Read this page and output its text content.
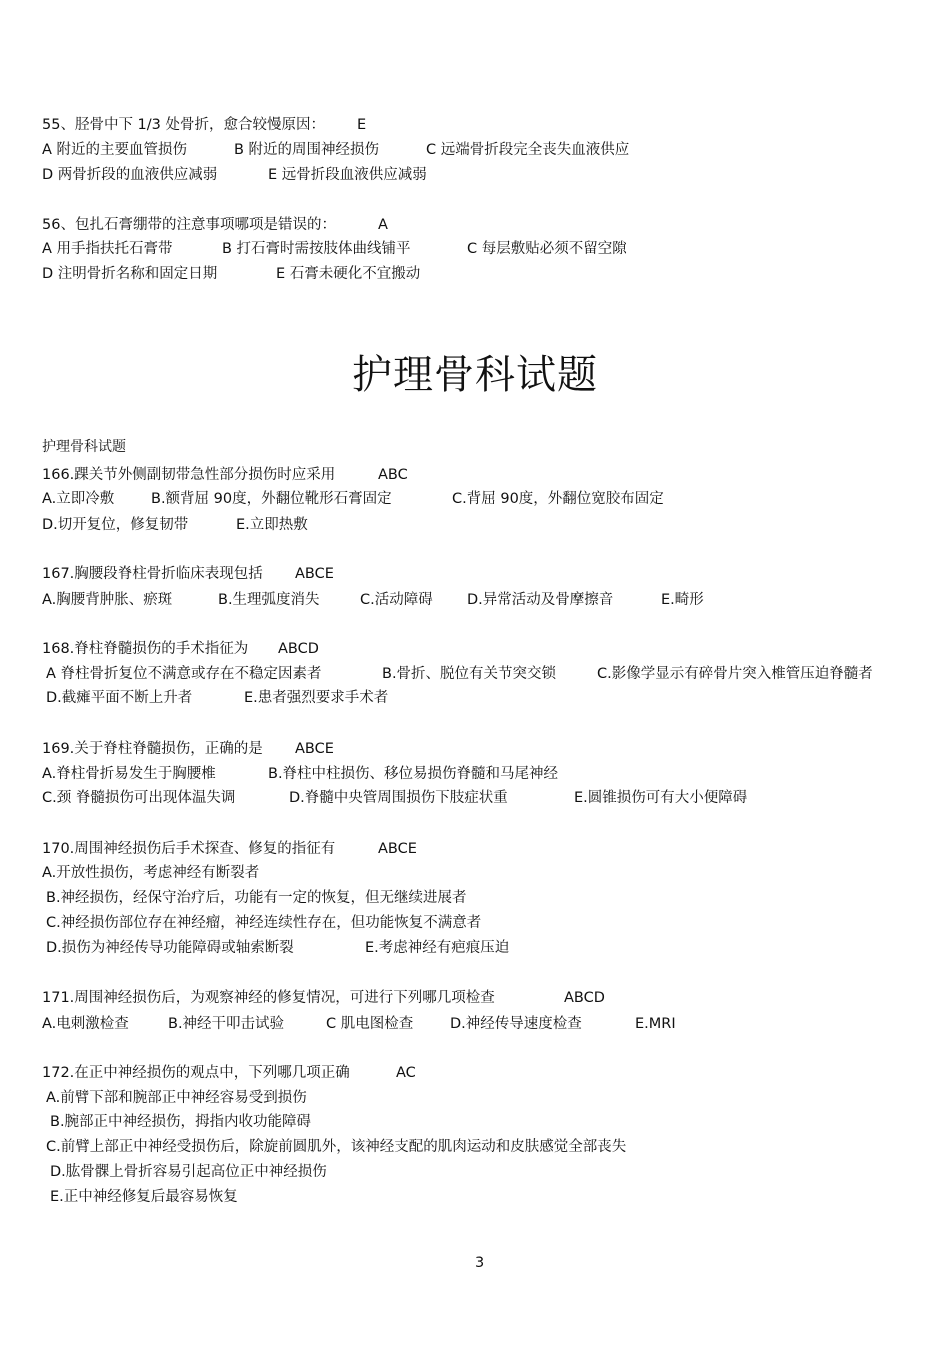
55、胫骨中下 1/3 处骨折，愈合较慢原因： E
A 附近的主要血管损伤	B 附近的周围神经损伤	C 远端骨折段完全丧失血液供应
D 两骨折段的血液供应减弱	E 远骨折段血液供应减弱
56、包扎石膏绷带的注意事项哪项是错误的：	A
A 用手指扶托石膏带	B 打石膏时需按肢体曲线铺平	C 每层敷贴必须不留空隙
D 注明骨折名称和固定日期	E 石膏未硬化不宜搬动
护理骨科试题
护理骨科试题
166.踝关节外侧副韧带急性部分损伤时应采用	ABC
A.立即冷敷	B.额背屈 90度，外翻位靴形石膏固定	C.背屈 90度，外翻位宽胶布固定
D.切开复位，修复韧带	E.立即热敷
167.胸腰段脊柱骨折临床表现包括 ABCE
A.胸腰背肿胀、瘀斑	B.生理弧度消失	C.活动障碍 D.异常活动及骨摩擦音	E.畸形
168.脊柱脊髓损伤的手术指征为 ABCD
A 脊柱骨折复位不满意或存在不稳定因素者	B.骨折、脱位有关节突交锁	C.影像学显示有碎骨片突入椎管压迫脊髓者
D.截瘫平面不断上升者	E.患者强烈要求手术者
169.关于脊柱脊髓损伤，正确的是 ABCE
A.脊柱骨折易发生于胸腰椎	B.脊柱中柱损伤、移位易损伤脊髓和马尾神经
C.颈 脊髓损伤可出现体温失调	D.脊髓中央管周围损伤下肢症状重	E.圆锥损伤可有大小便障碍
170.周围神经损伤后手术探查、修复的指征有	ABCE
A.开放性损伤，考虑神经有断裂者
B.神经损伤，经保守治疗后，功能有一定的恢复，但无继续进展者
C.神经损伤部位存在神经瘤，神经连续性存在，但功能恢复不满意者
D.损伤为神经传导功能障碍或轴索断裂	E.考虑神经有疤痕压迫
171.周围神经损伤后，为观察神经的修复情况，可进行下列哪几项检查	ABCD
A.电刺激检查	B.神经干叩击试验	C 肌电图检查	D.神经传导速度检查	E.MRI
172.在正中神经损伤的观点中，下列哪几项正确	AC
A.前臂下部和腕部正中神经容易受到损伤
B.腕部正中神经损伤，拇指内收功能障碍
C.前臂上部正中神经受损伤后，除旋前圆肌外，该神经支配的肌肉运动和皮肤感觉全部丧失
D.肱骨髁上骨折容易引起高位正中神经损伤
E.正中神经修复后最容易恢复
3
